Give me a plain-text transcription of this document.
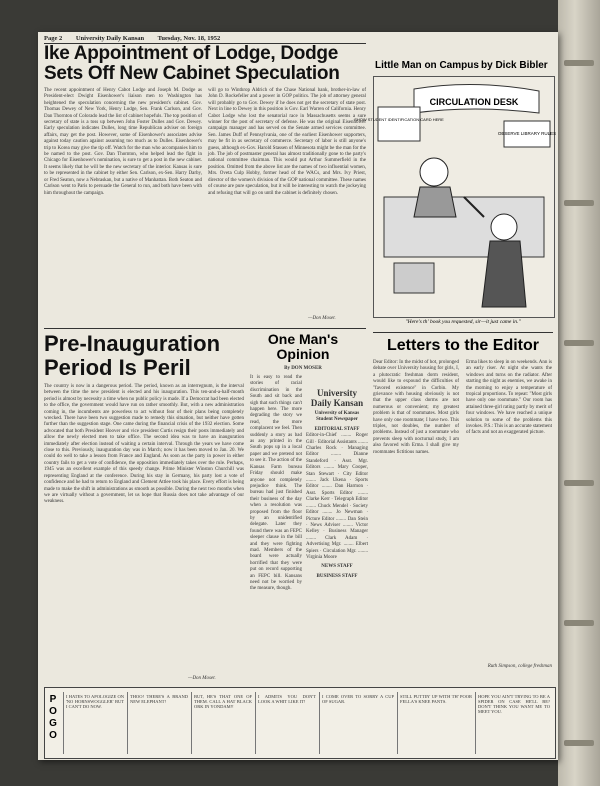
Page 2 University Daily Kansan Tuesday, Nov. 18, 1952
Ike Appointment of Lodge, Dodge Sets Off New Cabinet Speculation
The recent appointment of Henry Cabot Lodge and Joseph M. Dodge as President-elect Dwight Eisenhower's liaison men to Washington has heightened the speculation concerning the new president's cabinet. Gov. Thomas Dewey of New York, Henry Lodge, Sen. Frank Carlson, and Gov. Dan Thornton of Colorado lead the list of cabinet hopefuls. The top position of secretary of state is a toss up between John Foster Dulles and Gov. Dewey. Early speculation indicates Dulles, long time Republican adviser on foreign affairs, may get the post. However, some of Eisenhower's associates advise against today caution against assuming too much as to Dulles. Eisenhower's trip to Korea may give the tip off. Watch for the man who accompanies him to be named to the post. Gov. Dan Thornton, who helped lead the fight in Chicago for Eisenhower's nomination, is sure to get a post in the new cabinet. It seems likely that he will be the new secretary of the interior. Kansas is sure to be represented in the cabinet by either Sen. Carlson, ex-Sen. Harry Darby, or Fred Seaton, now a Nebraskan, but a native of Manhattan. Both Seaton and Carlson went to Paris to persuade the General to run, and both have been with him throughout the campaign.
will go to Winthrop Aldrich of the Chase National bank, brother-in-law of John D. Rockefeller and a power in GOP politics. The job of attorney general will probably go to Gov. Dewey if he does not get the secretary of state post. Next in line to Dewey in this position is Gov. Earl Warren of California. Henry Cabot Lodge who lost the senatorial race in Massachusetts seems a sure winner for the post of secretary of defense. He was the original Eisenhower campaign manager and has served on the Senate armed services committee. Sen. James Duff of Pennsylvania, one of the earliest Eisenhower supporters, may be fit in as secretary of commerce. Secretary of labor is still anyone's guess, although ex-Gov. Harold Stassen of Minnesota might be the man for the job. The job of postmaster general has almost traditionally gone to the party's national committee chairman. This would put Arthur Summerfield in the position. Omitted from the above list are the names of two influential women, Mrs. Oveta Culp Hobby, former head of the WACs, and Mrs. Ivy Priest, director of the women's division of the GOP national committee. These names of course are pure speculation, but it will be interesting to watch the jockeying and refusing that will go on until the cabinet is definitely chosen.
—Don Moser.
Little Man on Campus by Dick Bibler
CIRCULATION DESK
SHOW STUDENT IDENTIFICATION CARD HERE
OBSERVE LIBRARY RULES
"Here's th' book you requested, sir—it just came in."
Letters to the Editor
Dear Editor: In the midst of hot, prolonged debate over University housing for girls, I, a plutocratic freshman dorm resident, would like to expound the difficulties of "favored existence" in Corbin. My grievance with housing obviously is not that the upper class dorms are not numerous or convenient; my greatest problem is that of roommates. Most girls have only one roommate; I have two. This triples, not doubles, the number of problems. Instead of just a roommate who prevents sleep with nocturnal study, I am also favored with Erma. I shall give my roommates fictitious names.
Erma likes to sleep in on weekends. Ann is an early riser. At night she wants the windows and turns on the radiator. After starting the night as enemies, we awake in the morning to enjoy a temperature of tropical proportions. To repeat: "Most girls have only one roommate." Our room has attained three-girl rating partly by merit of four windows. We have reached a unique solution to some of the problems this invokes. P.S.: This is an accurate statement of facts and not an exaggerated picture.
Ruth Simpson, college freshman
Pre-Inauguration Period Is Peril
The country is now in a dangerous period. The period, known as an interregnum, is the interval between the time the new president is elected and his inauguration. This ten-and-a-half-month period is almost by necessity a time when no public policy is made. If a Democrat had been elected to the office, the government would have run on rather smoothly. But, with a new administration coming in, the incumbents are powerless to act without fear of their plans being completely wrecked. There have been two suggestion made to remedy this situation, but neither have gotten further than the suggestion stage. One came during the financial crisis of the 1932 election. Some advocated that both President Hoover and vice president Curtis resign their posts immediately and allow the newly elected men to take office. The second idea was to have an inauguration immediately after election instead of waiting a certain interval. Through the years we have come close to this. Previously, inauguration day was in March; now it has been moved to Jan. 20. We could do well to take a lesson from France and England. As soon as the party in power in either country fails to get a vote of confidence, the opposition immediately takes over the rule. Perhaps, 1945 was an excellent example of this speedy change. Prime Minister Winston Churchill was representing England at the conference. During his stay in Germany, his party lost a vote of confidence and he had to return to England and Clement Attlee took his place. Every effort is being made to make the shift in administrations as smooth as possible. During the next two months when we are virtually without a government, let us hope that Russia does not take advantage of our weakness.
—Don Moser.
One Man's Opinion
By DON MOSER
It is easy to read the stories of racial discrimination in the South and sit back and sigh that such things can't happen here. The more degrading the story we read, the more complacent we feel. Then suddenly a story as bad as any printed in the South pops up in a local paper and we pretend not to see it. The action of the Kansas Farm bureau Friday should make anyone not completely prejudice think. The bureau had just finished their business of the day when a resolution was proposed from the floor by an unidentified delegate. Later they found there was an FEPC sleeper clause in the bill and they were fighting mad. Members of the board were actually horrified that they were put on record supporting an FEPC bill. Kansans need not be worried by the measure, though.
University Daily Kansan
University of Kansas Student Newspaper
EDITORIAL STAFF
Editor-in-Chief ........ Roger Gill · Editorial Assistants ........ Charles Rock · Managing Editor ........ Dianne Standeford · Asst. Mgr. Editors ........ Mary Cooper, Stan Stewart · City Editor ........ Jack Ukena · Sports Editor ........ Dan Harmon · Asst. Sports Editor ........ Clarke Kerr · Telegraph Editor ........ Chuck Mendel · Society Editor ........ Jo Newman · Picture Editor ........ Dan Stein · News Adviser ........ Victor Kelley · Business Manager ........ Clark Adam · Advertising Mgr. ........ Elbert Spiers · Circulation Mgr. ........ Virginia Moore
NEWS STAFF
BUSINESS STAFF
P
O
G
O
I HATES TO APOLOGIZE ON 'NO HORNSWOGGLER' BUT I CAN'T DO NOW.
THOO! THERE'S A BRAND NEW ELEPHANT!
BUT, HE'S THAT ONE OF THEM. CALL A HAT BLACK ORK IN YONDAM!!
I ADMITS YOU DON'T LOOK A WHIT LIKE IT!
I COME OVER TO SORRY A CUP OF SUGAR.
STILL PUTTIN' UP WITH TH' POOR FELLA'S KNEE PANTS.
HOPE YOU AIN'T TRYING TO BE A SPIDER ON CASE HE'LL BE? DON'T THINK YOU WANT ME TO MEET YOU.
